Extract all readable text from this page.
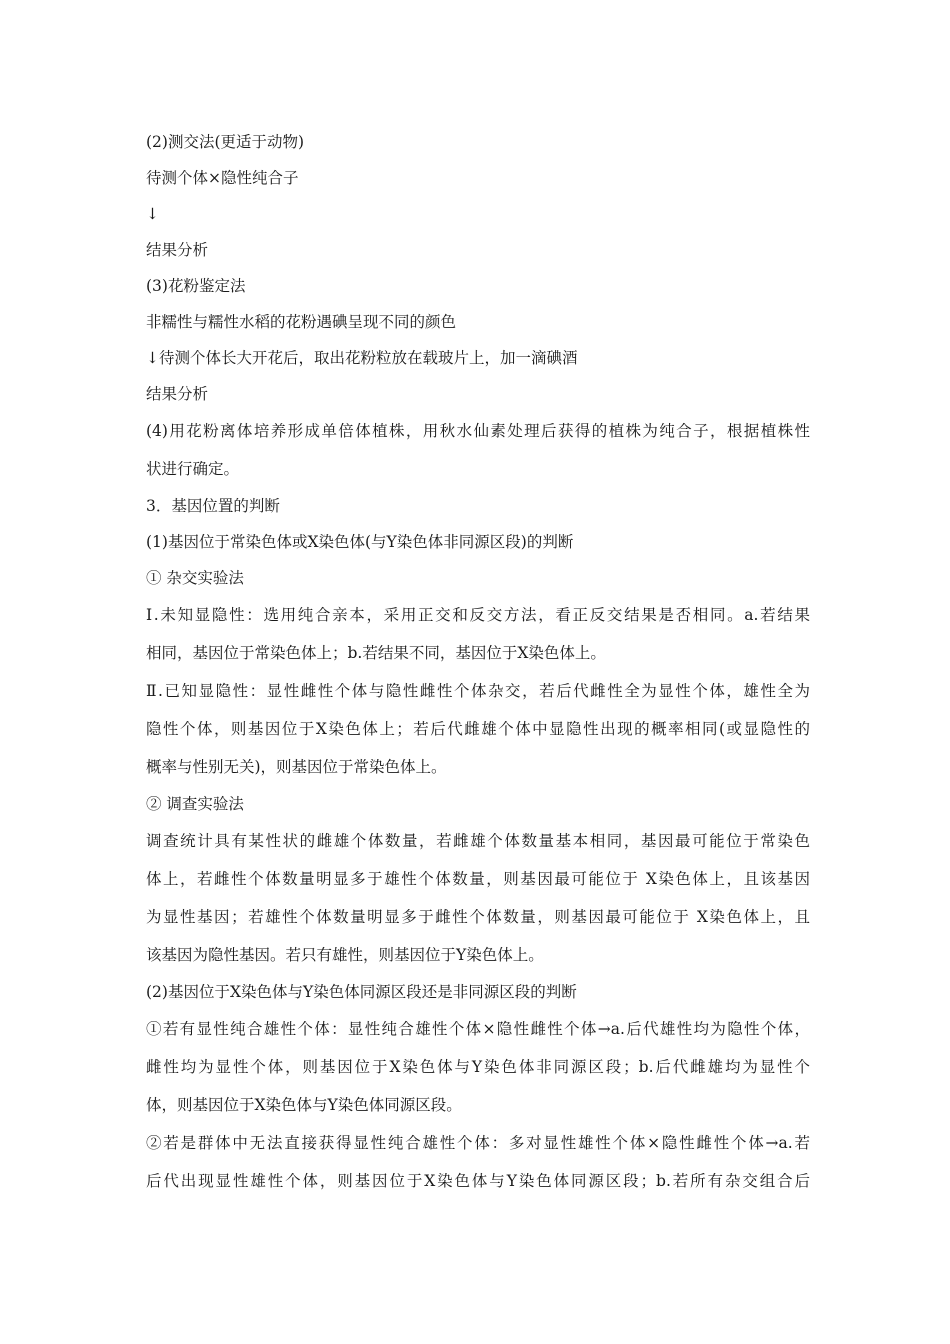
(2)测交法(更适于动物)

待测个体×隐性纯合子

↓

结果分析

(3)花粉鉴定法

非糯性与糯性水稻的花粉遇碘呈现不同的颜色

↓待测个体长大开花后，取出花粉粒放在载玻片上，加一滴碘酒

结果分析

(4)用花粉离体培养形成单倍体植株，用秋水仙素处理后获得的植株为纯合子，根据植株性

状进行确定。

3．基因位置的判断

(1)基因位于常染色体或X染色体(与Y染色体非同源区段)的判断

① 杂交实验法

Ⅰ.未知显隐性：选用纯合亲本，采用正交和反交方法，看正反交结果是否相同。a.若结果

相同，基因位于常染色体上；b.若结果不同，基因位于X染色体上。

Ⅱ.已知显隐性：显性雌性个体与隐性雌性个体杂交，若后代雌性全为显性个体，雄性全为

隐性个体，则基因位于X染色体上；若后代雌雄个体中显隐性出现的概率相同(或显隐性的

概率与性别无关)，则基因位于常染色体上。

② 调查实验法

调查统计具有某性状的雌雄个体数量，若雌雄个体数量基本相同，基因最可能位于常染色

体上，若雌性个体数量明显多于雄性个体数量，则基因最可能位于 X染色体上，且该基因

为显性基因；若雄性个体数量明显多于雌性个体数量，则基因最可能位于 X染色体上，且

该基因为隐性基因。若只有雄性，则基因位于Y染色体上。

(2)基因位于X染色体与Y染色体同源区段还是非同源区段的判断

①若有显性纯合雄性个体：显性纯合雄性个体×隐性雌性个体→a.后代雄性均为隐性个体，

雌性均为显性个体，则基因位于X染色体与Y染色体非同源区段；b.后代雌雄均为显性个

体，则基因位于X染色体与Y染色体同源区段。

②若是群体中无法直接获得显性纯合雄性个体：多对显性雄性个体×隐性雌性个体→a.若

后代出现显性雄性个体，则基因位于X染色体与Y染色体同源区段；b.若所有杂交组合后
